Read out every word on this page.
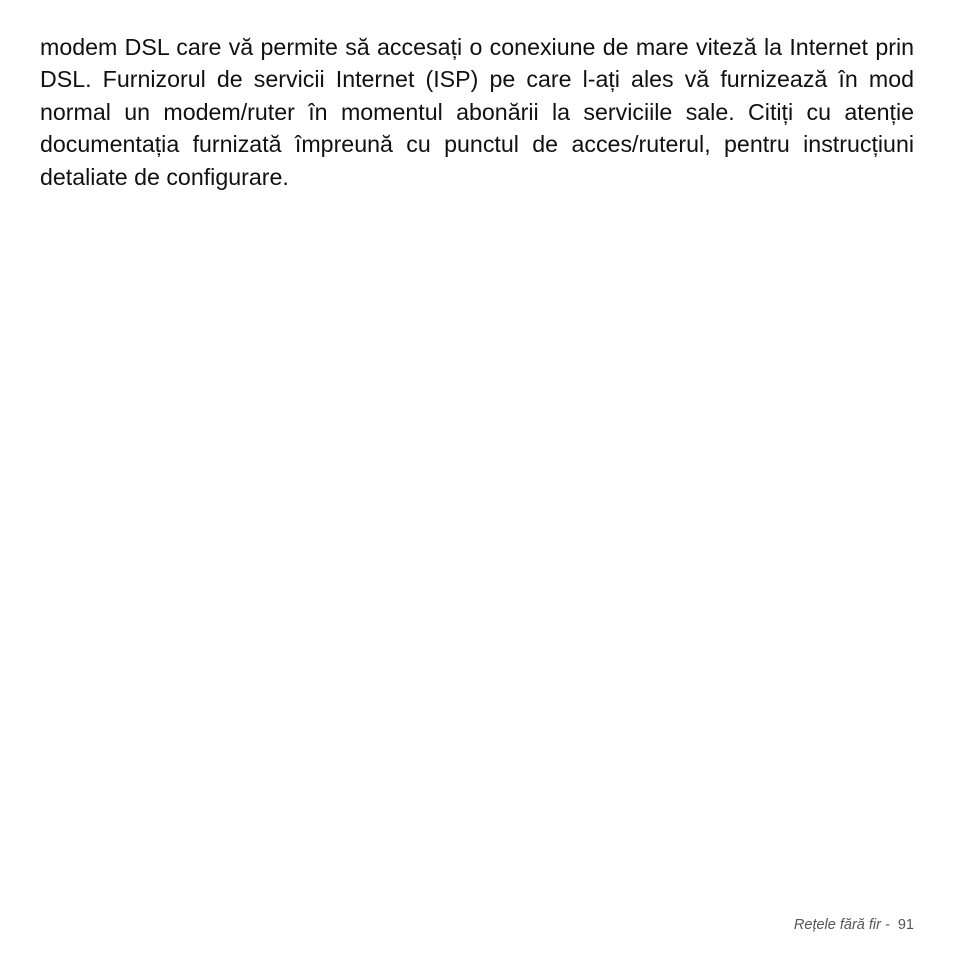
modem DSL care vă permite să accesați o conexiune de mare viteză la Internet prin DSL. Furnizorul de servicii Internet (ISP) pe care l-ați ales vă furnizează în mod normal un modem/ruter în momentul abonării la serviciile sale. Citiți cu atenție documentația furnizată împreună cu punctul de acces/ruterul, pentru instrucțiuni detaliate de configurare.

Rețele fără fir -  91
